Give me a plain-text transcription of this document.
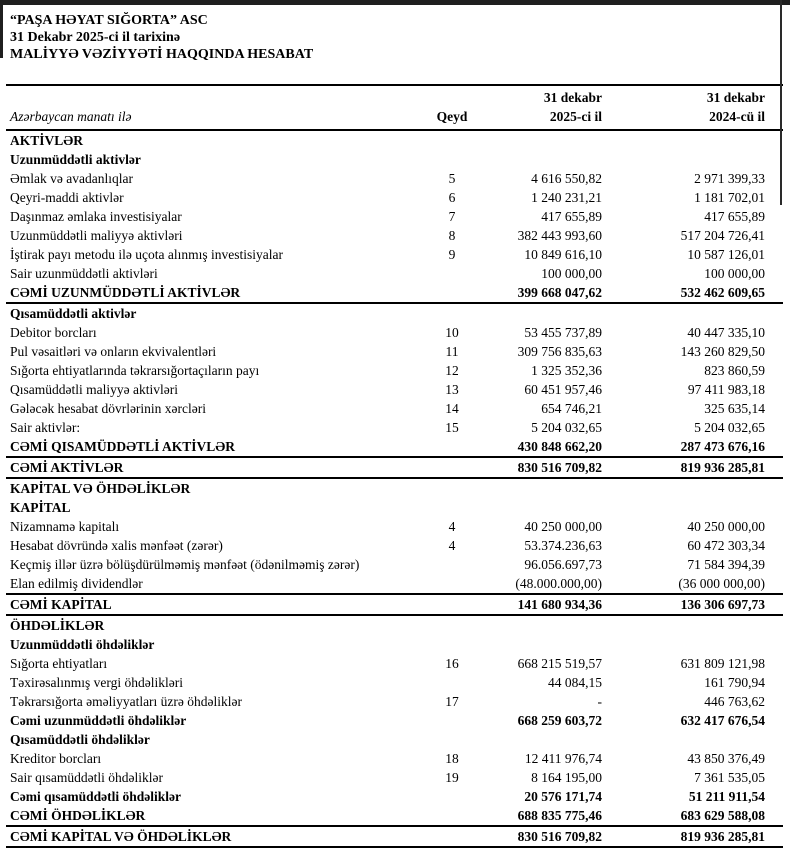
“PAŞA HƏYAT SIĞORTA” ASC
31 Dekabr 2025-ci il tarixinə
MALİYYƏ VƏZİYYƏTİ HAQQINDA HESABAT
		31 dekabr	31 dekabr
Azərbaycan manatı ilə	Qeyd	2025-ci il	2024-cü il
AKTİVLƏR			
Uzunmüddətli aktivlər			
Əmlak və avadanlıqlar	5	4 616 550,82	2 971 399,33
Qeyri-maddi aktivlər	6	1 240 231,21	1 181 702,01
Daşınmaz əmlaka investisiyalar	7	417 655,89	417 655,89
Uzunmüddətli maliyyə aktivləri	8	382 443 993,60	517 204 726,41
İştirak payı metodu ilə uçota alınmış investisiyalar	9	10 849 616,10	10 587 126,01
Sair uzunmüddətli aktivləri		100 000,00	100 000,00
CƏMİ UZUNMÜDDƏTLİ AKTİVLƏR		399 668 047,62	532 462 609,65
Qısamüddətli aktivlər			
Debitor borcları	10	53 455 737,89	40 447 335,10
Pul vəsaitləri və onların ekvivalentləri	11	309 756 835,63	143 260 829,50
Sığorta ehtiyatlarında təkrarsığortaçıların payı	12	1 325 352,36	823 860,59
Qısamüddətli maliyyə aktivləri	13	60 451 957,46	97 411 983,18
Gələcək hesabat dövrlərinin xərcləri	14	654 746,21	325 635,14
Sair aktivlər:	15	5 204 032,65	5 204 032,65
CƏMİ QISAMÜDDƏTLİ AKTİVLƏR		430 848 662,20	287 473 676,16
CƏMİ AKTİVLƏR		830 516 709,82	819 936 285,81
KAPİTAL VƏ ÖHDƏLİKLƏR			
KAPİTAL			
Nizamnamə kapitalı	4	40 250 000,00	40 250 000,00
Hesabat dövründə xalis mənfəət (zərər)	4	53.374.236,63	60 472 303,34
Keçmiş illər üzrə bölüşdürülməmiş mənfəət (ödənilməmiş zərər)		96.056.697,73	71 584 394,39
Elan edilmiş dividendlər		(48.000.000,00)	(36 000 000,00)
CƏMİ KAPİTAL		141 680 934,36	136 306 697,73
ÖHDƏLİKLƏR			
Uzunmüddətli öhdəliklər			
Sığorta ehtiyatları	16	668 215 519,57	631 809 121,98
Təxirəsalınmış vergi öhdəlikləri		44 084,15	161 790,94
Təkrarsığorta əməliyyatları üzrə öhdəliklər	17	-	446 763,62
Cəmi uzunmüddətli öhdəliklər		668 259 603,72	632 417 676,54
Qısamüddətli öhdəliklər			
Kreditor borcları	18	12 411 976,74	43 850 376,49
Sair qısamüddətli öhdəliklər	19	8 164 195,00	7 361 535,05
Cəmi qısamüddətli öhdəliklər		20 576 171,74	51 211 911,54
CƏMİ ÖHDƏLİKLƏR		688 835 775,46	683 629 588,08
CƏMİ KAPİTAL VƏ ÖHDƏLİKLƏR		830 516 709,82	819 936 285,81
